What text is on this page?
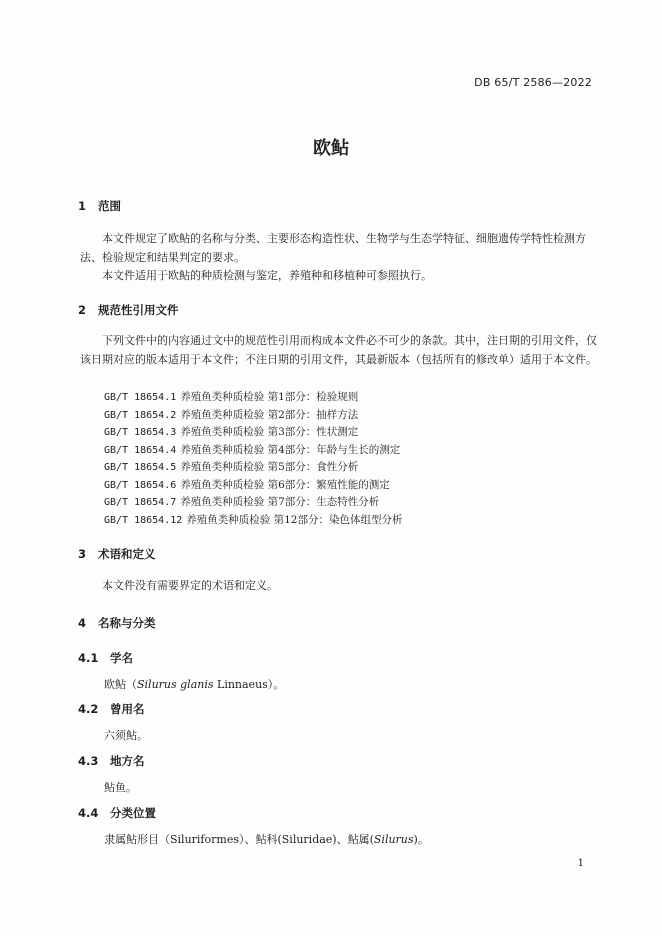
DB 65/T 2586—2022
欧鲇
1 范围

本文件规定了欧鲇的名称与分类、主要形态构造性状、生物学与生态学特征、细胞遗传学特性检测方法、检验规定和结果判定的要求。

本文件适用于欧鲇的种质检测与鉴定，养殖种和移植种可参照执行。

2 规范性引用文件

下列文件中的内容通过文中的规范性引用而构成本文件必不可少的条款。其中，注日期的引用文件，仅该日期对应的版本适用于本文件；不注日期的引用文件，其最新版本（包括所有的修改单）适用于本文件。

GB/T 18654.1 养殖鱼类种质检验 第1部分：检验规则
GB/T 18654.2 养殖鱼类种质检验 第2部分：抽样方法
GB/T 18654.3 养殖鱼类种质检验 第3部分：性状测定
GB/T 18654.4 养殖鱼类种质检验 第4部分：年龄与生长的测定
GB/T 18654.5 养殖鱼类种质检验 第5部分：食性分析
GB/T 18654.6 养殖鱼类种质检验 第6部分：繁殖性能的测定
GB/T 18654.7 养殖鱼类种质检验 第7部分：生态特性分析
GB/T 18654.12 养殖鱼类种质检验 第12部分：染色体组型分析
3 术语和定义

本文件没有需要界定的术语和定义。

4 名称与分类
4.1 学名
欧鲇（Silurus glanis Linnaeus）。
4.2 曾用名
六须鲇。
4.3 地方名
鲇鱼。
4.4 分类位置
隶属鲇形目（Siluriformes）、鲇科(Siluridae)、鲇属(Silurus)。
1
